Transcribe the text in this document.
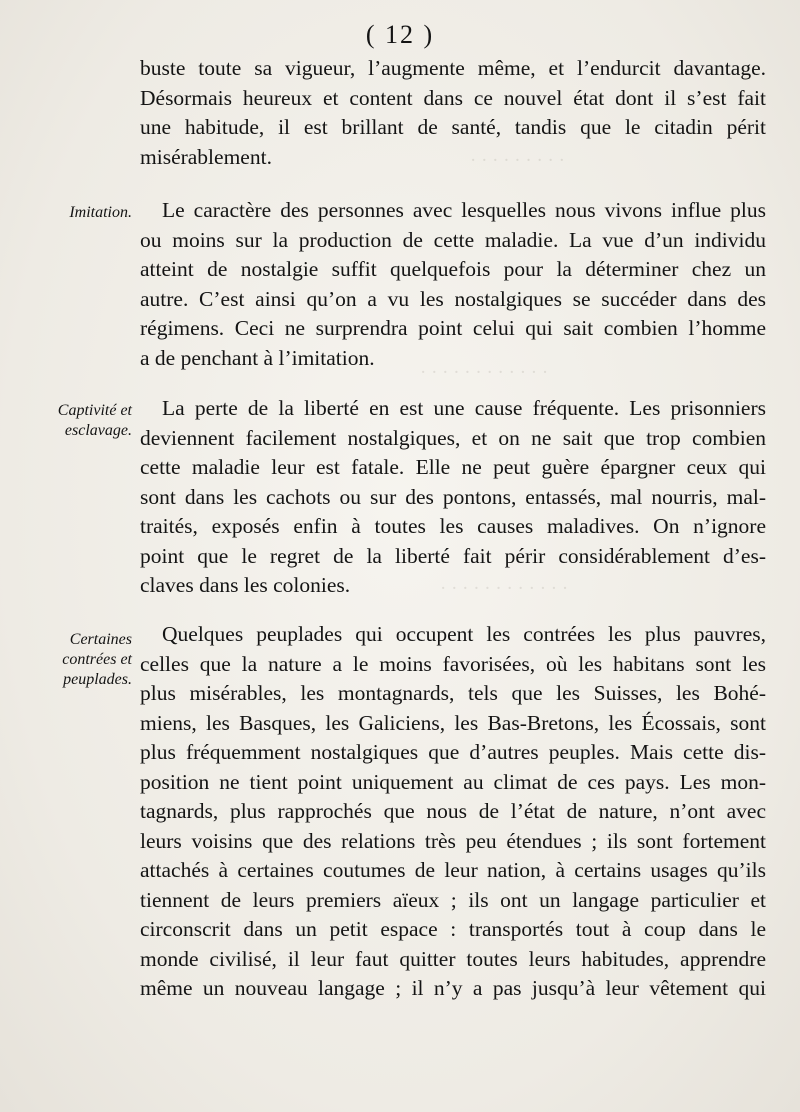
· · · · · · · · ·
· · · · · · · · · · · ·
· · · · · · · · · · · ·
( 12 )
buste toute sa vigueur, l’augmente même, et l’endurcit davantage.
Désormais heureux et content dans ce nouvel état dont il s’est fait
une habitude, il est brillant de santé, tandis que le citadin périt
misérablement.
Imitation.	Le caractère des personnes avec lesquelles nous vivons influe plus
ou moins sur la production de cette maladie. La vue d’un individu
atteint de nostalgie suffit quelquefois pour la déterminer chez un
autre. C’est ainsi qu’on a vu les nostalgiques se succéder dans des
régimens. Ceci ne surprendra point celui qui sait combien l’homme
a de penchant à l’imitation.
Captivité et
esclavage.
La perte de la liberté en est une cause fréquente. Les prisonniers
deviennent facilement nostalgiques, et on ne sait que trop combien
cette maladie leur est fatale. Elle ne peut guère épargner ceux qui
sont dans les cachots ou sur des pontons, entassés, mal nourris, mal-
traités, exposés enfin à toutes les causes maladives. On n’ignore
point que le regret de la liberté fait périr considérablement d’es-
claves dans les colonies.
Certaines
contrées et
peuplades.
Quelques peuplades qui occupent les contrées les plus pauvres,
celles que la nature a le moins favorisées, où les habitans sont les
plus misérables, les montagnards, tels que les Suisses, les Bohé-
miens, les Basques, les Galiciens, les Bas-Bretons, les Écossais, sont
plus fréquemment nostalgiques que d’autres peuples. Mais cette dis-
position ne tient point uniquement au climat de ces pays. Les mon-
tagnards, plus rapprochés que nous de l’état de nature, n’ont avec
leurs voisins que des relations très peu étendues ; ils sont fortement
attachés à certaines coutumes de leur nation, à certains usages qu’ils
tiennent de leurs premiers aïeux ; ils ont un langage particulier et
circonscrit dans un petit espace : transportés tout à coup dans le
monde civilisé, il leur faut quitter toutes leurs habitudes, apprendre
même un nouveau langage ; il n’y a pas jusqu’à leur vêtement qui
